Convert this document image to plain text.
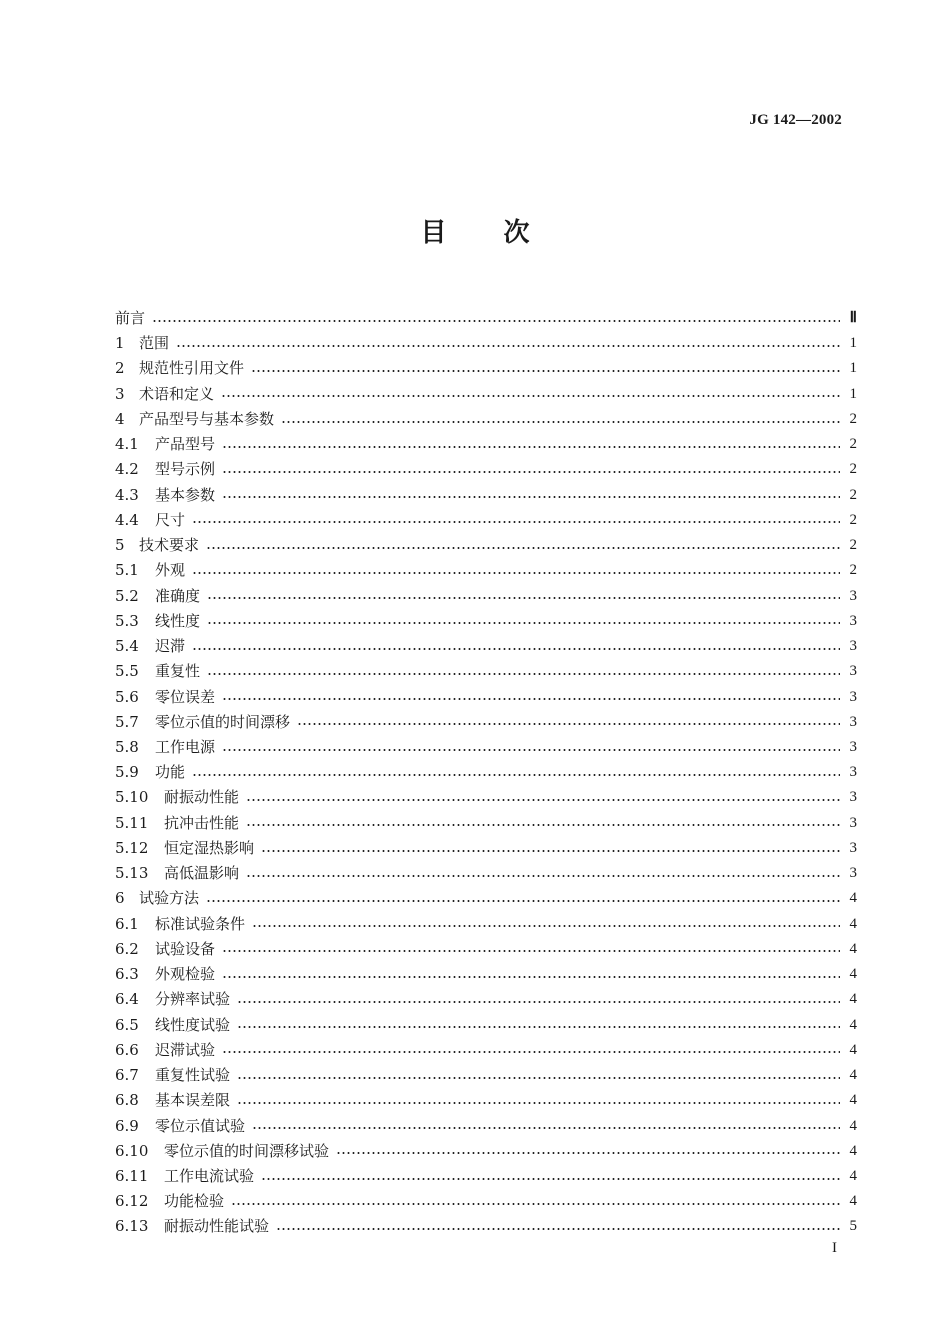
JG 142—2002
目 次
前言	Ⅱ
1 范围	1
2 规范性引用文件	1
3 术语和定义	1
4 产品型号与基本参数	2
4.1	产品型号	2
4.2	型号示例	2
4.3	基本参数	2
4.4	尺寸	2
5 技术要求	2
5.1	外观	2
5.2	准确度	3
5.3	线性度	3
5.4	迟滞	3
5.5	重复性	3
5.6	零位误差	3
5.7	零位示值的时间漂移	3
5.8	工作电源	3
5.9	功能	3
5.10	耐振动性能	3
5.11	抗冲击性能	3
5.12	恒定湿热影响	3
5.13	高低温影响	3
6 试验方法	4
6.1	标准试验条件	4
6.2	试验设备	4
6.3	外观检验	4
6.4	分辨率试验	4
6.5	线性度试验	4
6.6	迟滞试验	4
6.7	重复性试验	4
6.8	基本误差限	4
6.9	零位示值试验	4
6.10	零位示值的时间漂移试验	4
6.11	工作电流试验	4
6.12	功能检验	4
6.13	耐振动性能试验	5
I
